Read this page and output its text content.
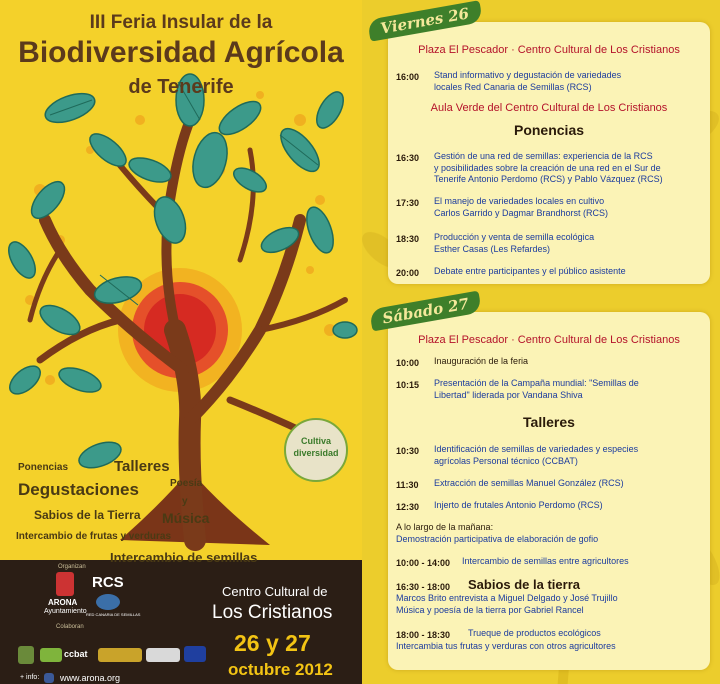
III Feria Insular de la
Biodiversidad Agrícola
de Tenerife
Ponencias	Talleres
Poesía
y
Degustaciones
Sabios de la Tierra Música
Intercambio de frutas y verduras
Intercambio de semillas
Cultiva
diversidad
Organizan
ARONA
Ayuntamiento
RCS
RED CANARIA DE SEMILLAS
Colaboran
ccbat
+ info: www.arona.org
Centro Cultural de
Los Cristianos
26 y 27
octubre 2012
Plaza El Pescador · Centro Cultural de Los Cristianos
16:00 Stand informativo y degustación de variedades
locales Red Canaria de Semillas (RCS)
Aula Verde del Centro Cultural de Los Cristianos
Ponencias
16:30 Gestión de una red de semillas: experiencia de la RCS
y posibilidades sobre la creación de una red en el Sur de
Tenerife Antonio Perdomo (RCS) y Pablo Vázquez (RCS)
17:30 El manejo de variedades locales en cultivo
Carlos Garrido y Dagmar Brandhorst (RCS)
18:30 Producción y venta de semilla ecológica
Esther Casas (Les Refardes)
20:00 Debate entre participantes y el público asistente
Viernes 26
Plaza El Pescador · Centro Cultural de Los Cristianos
10:00 Inauguración de la feria
10:15 Presentación de la Campaña mundial: "Semillas de
Libertad" liderada por Vandana Shiva
Talleres
10:30 Identificación de semillas de variedades y especies
agrícolas Personal técnico (CCBAT)
11:30 Extracción de semillas Manuel González (RCS)
12:30 Injerto de frutales Antonio Perdomo (RCS)
A lo largo de la mañana:
Demostración participativa de elaboración de gofio
10:00 - 14:00 Intercambio de semillas entre agricultores
16:30 - 18:00 Sabios de la tierra
Marcos Brito entrevista a Miguel Delgado y José Trujillo
Música y poesía de la tierra por Gabriel Rancel
18:00 - 18:30 Trueque de productos ecológicos
Intercambia tus frutas y verduras con otros agricultores
Sábado 27
